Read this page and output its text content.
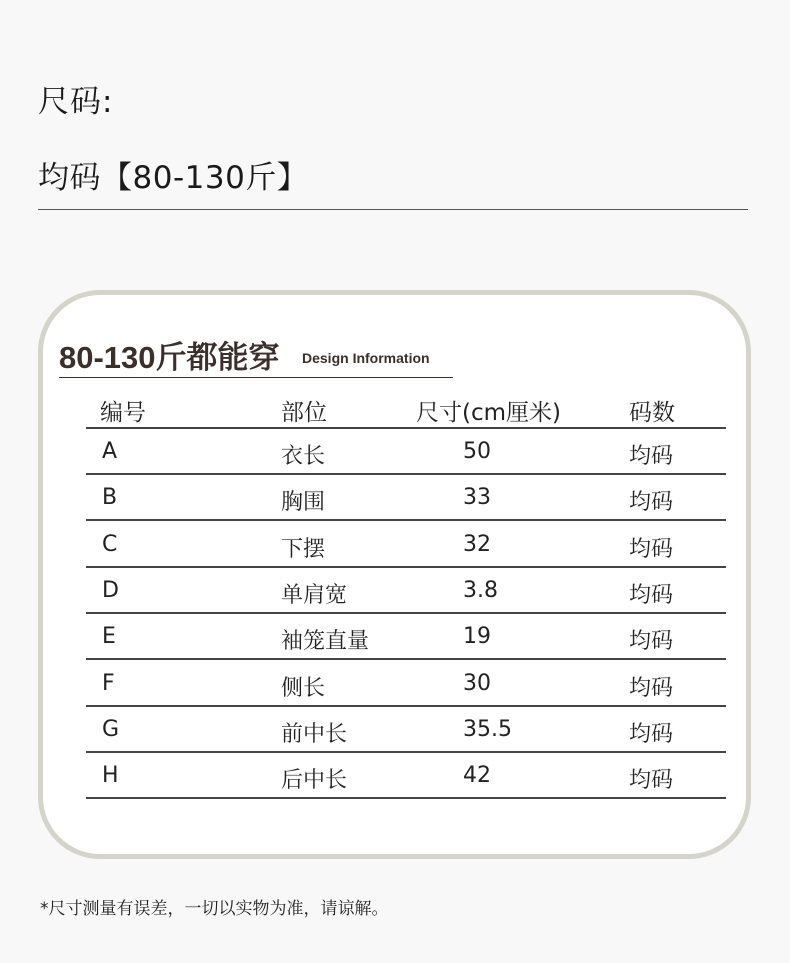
尺码:
均码【80-130斤】
80-130斤都能穿 Design Information
编号	部位	尺寸(cm厘米)	码数
A	衣长	50	均码
B	胸围	33	均码
C	下摆	32	均码
D	单肩宽	3.8	均码
E	袖笼直量	19	均码
F	侧长	30	均码
G	前中长	35.5	均码
H	后中长	42	均码
*尺寸测量有误差，一切以实物为准，请谅解。
